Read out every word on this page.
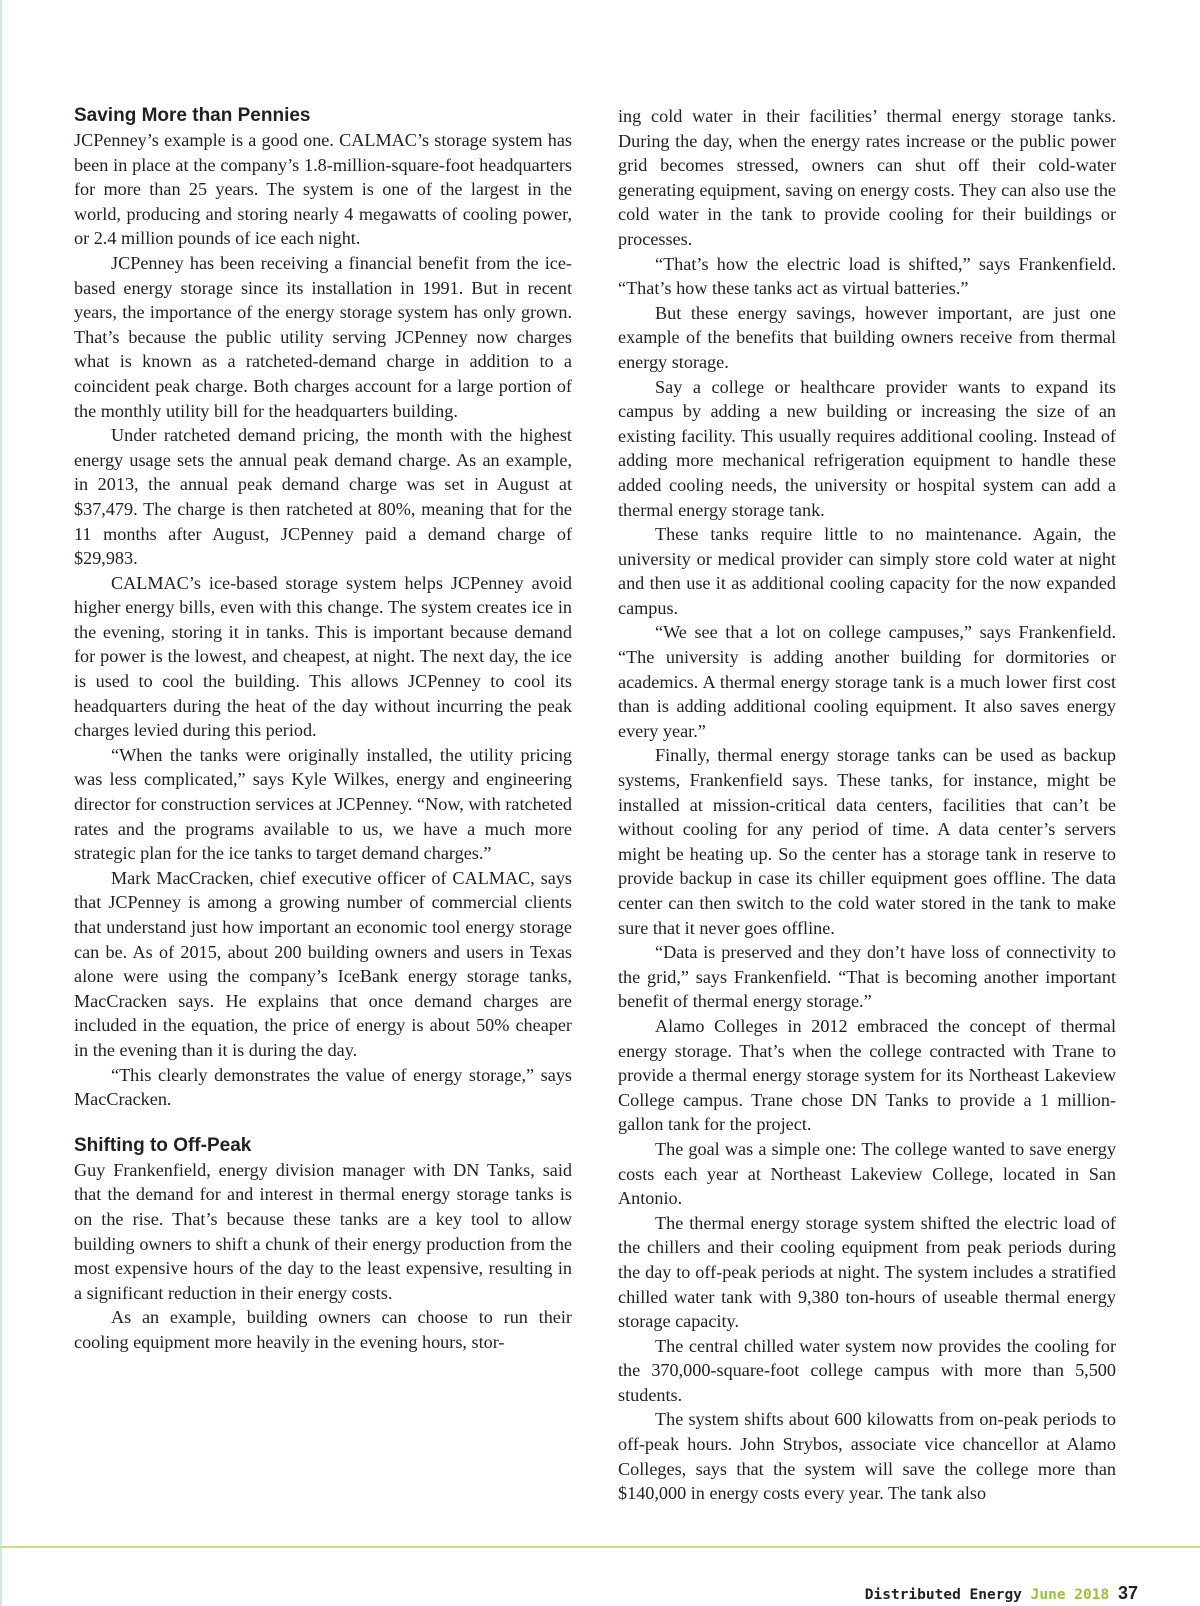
Saving More than Pennies

JCPenney’s example is a good one. CALMAC’s storage system has been in place at the company’s 1.8-million-square-foot headquarters for more than 25 years. The system is one of the largest in the world, producing and storing nearly 4 megawatts of cooling power, or 2.4 million pounds of ice each night.

JCPenney has been receiving a financial benefit from the ice-based energy storage since its installation in 1991. But in recent years, the importance of the energy storage system has only grown. That’s because the public utility serving JCPenney now charges what is known as a ratcheted-demand charge in addition to a coincident peak charge. Both charges account for a large portion of the monthly utility bill for the headquarters building.

Under ratcheted demand pricing, the month with the highest energy usage sets the annual peak demand charge. As an example, in 2013, the annual peak demand charge was set in August at $37,479. The charge is then ratcheted at 80%, meaning that for the 11 months after August, JCPenney paid a demand charge of $29,983.

CALMAC’s ice-based storage system helps JCPenney avoid higher energy bills, even with this change. The system creates ice in the evening, storing it in tanks. This is important because demand for power is the lowest, and cheapest, at night. The next day, the ice is used to cool the building. This allows JCPenney to cool its headquarters during the heat of the day without incurring the peak charges levied during this period.

“When the tanks were originally installed, the utility pricing was less complicated,” says Kyle Wilkes, energy and engineering director for construction services at JCPenney. “Now, with ratcheted rates and the programs available to us, we have a much more strategic plan for the ice tanks to target demand charges.”

Mark MacCracken, chief executive officer of CALMAC, says that JCPenney is among a growing number of commercial clients that understand just how important an economic tool energy storage can be. As of 2015, about 200 building owners and users in Texas alone were using the company’s IceBank energy storage tanks, MacCracken says. He explains that once demand charges are included in the equation, the price of energy is about 50% cheaper in the evening than it is during the day.

“This clearly demonstrates the value of energy storage,” says MacCracken.

Shifting to Off-Peak

Guy Frankenfield, energy division manager with DN Tanks, said that the demand for and interest in thermal energy storage tanks is on the rise. That’s because these tanks are a key tool to allow building owners to shift a chunk of their energy production from the most expensive hours of the day to the least expensive, resulting in a significant reduction in their energy costs.

As an example, building owners can choose to run their cooling equipment more heavily in the evening hours, stor-

ing cold water in their facilities’ thermal energy storage tanks. During the day, when the energy rates increase or the public power grid becomes stressed, owners can shut off their cold-water generating equipment, saving on energy costs. They can also use the cold water in the tank to provide cooling for their buildings or processes.

“That’s how the electric load is shifted,” says Frankenfield. “That’s how these tanks act as virtual batteries.”

But these energy savings, however important, are just one example of the benefits that building owners receive from thermal energy storage.

Say a college or healthcare provider wants to expand its campus by adding a new building or increasing the size of an existing facility. This usually requires additional cooling. Instead of adding more mechanical refrigeration equipment to handle these added cooling needs, the university or hospital system can add a thermal energy storage tank.

These tanks require little to no maintenance. Again, the university or medical provider can simply store cold water at night and then use it as additional cooling capacity for the now expanded campus.

“We see that a lot on college campuses,” says Frankenfield. “The university is adding another building for dormitories or academics. A thermal energy storage tank is a much lower first cost than is adding additional cooling equipment. It also saves energy every year.”

Finally, thermal energy storage tanks can be used as backup systems, Frankenfield says. These tanks, for instance, might be installed at mission-critical data centers, facilities that can’t be without cooling for any period of time. A data center’s servers might be heating up. So the center has a storage tank in reserve to provide backup in case its chiller equipment goes offline. The data center can then switch to the cold water stored in the tank to make sure that it never goes offline.

“Data is preserved and they don’t have loss of connectivity to the grid,” says Frankenfield. “That is becoming another important benefit of thermal energy storage.”

Alamo Colleges in 2012 embraced the concept of thermal energy storage. That’s when the college contracted with Trane to provide a thermal energy storage system for its Northeast Lakeview College campus. Trane chose DN Tanks to provide a 1 million-gallon tank for the project.

The goal was a simple one: The college wanted to save energy costs each year at Northeast Lakeview College, located in San Antonio.

The thermal energy storage system shifted the electric load of the chillers and their cooling equipment from peak periods during the day to off-peak periods at night. The system includes a stratified chilled water tank with 9,380 ton-hours of useable thermal energy storage capacity.

The central chilled water system now provides the cooling for the 370,000-square-foot college campus with more than 5,500 students.

The system shifts about 600 kilowatts from on-peak periods to off-peak hours. John Strybos, associate vice chancellor at Alamo Colleges, says that the system will save the college more than $140,000 in energy costs every year. The tank also

Distributed Energy June 2018 37
